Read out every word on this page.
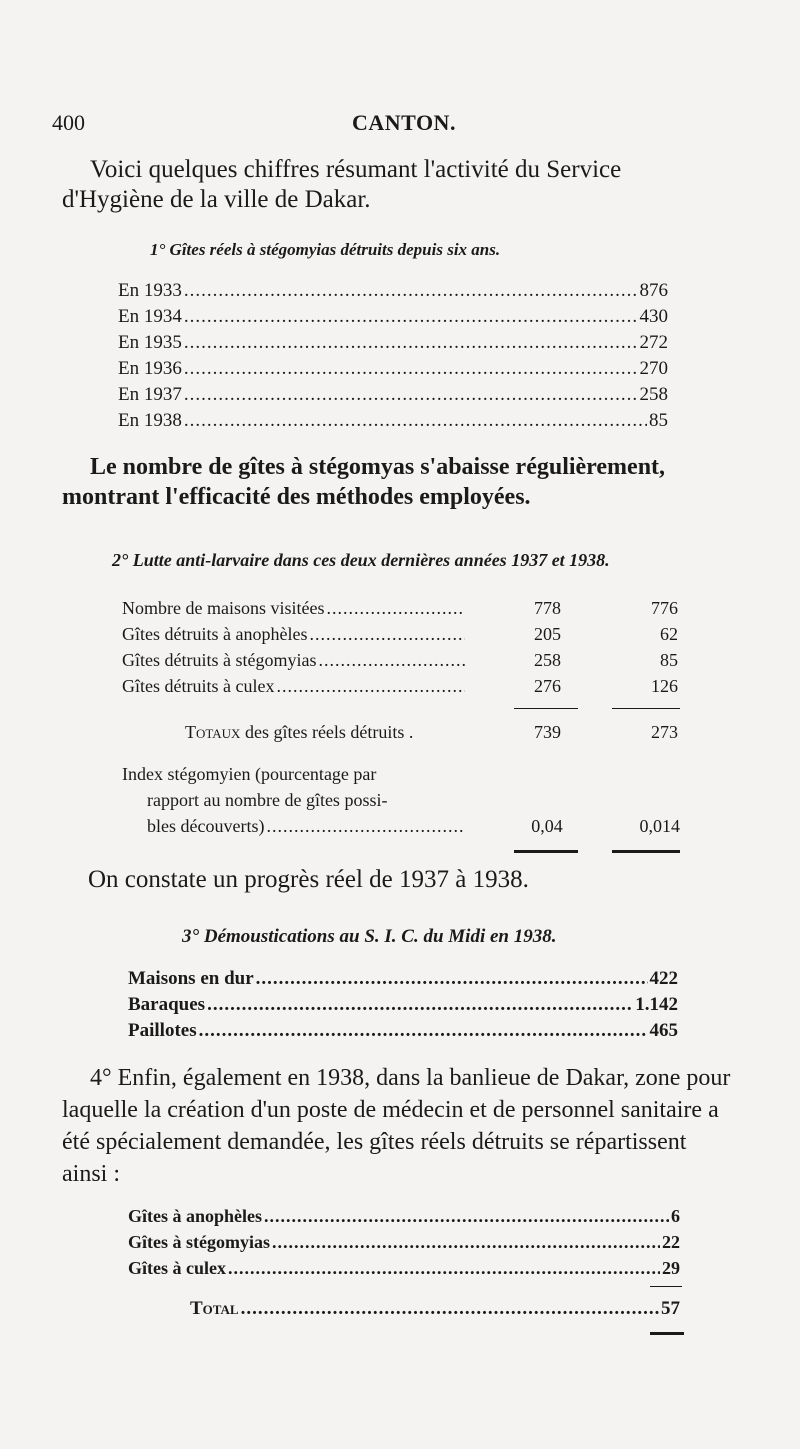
400	CANTON.
Voici quelques chiffres résumant l'activité du Service d'Hygiène de la ville de Dakar.
1° Gîtes réels à stégomyias détruits depuis six ans.
En 1933 .....	876
En 1934 .....	430
En 1935 .....	272
En 1936 .....	270
En 1937 .....	258
En 1938 .....	85
Le nombre de gîtes à stégomyas s'abaisse régulièrement, montrant l'efficacité des méthodes employées.
2° Lutte anti-larvaire dans ces deux dernières années 1937 et 1938.
Nombre de maisons visitées .....	778	776
Gîtes détruits à anophèles .....	205	62
Gîtes détruits à stégomyias .....	258	85
Gîtes détruits à culex .....	276	126
Totaux des gîtes réels détruits .	739	273
Index stégomyien (pourcentage par
rapport au nombre de gîtes possi-
bles découverts) .....	0,04	0,014
On constate un progrès réel de 1937 à 1938.
3° Démoustications au S. I. C. du Midi en 1938.
Maisons en dur .....	422
Baraques .....	1.142
Paillotes .....	465
4° Enfin, également en 1938, dans la banlieue de Dakar, zone pour laquelle la création d'un poste de médecin et de personnel sanitaire a été spécialement demandée, les gîtes réels détruits se répartissent ainsi :
Gîtes à anophèles .....	6
Gîtes à stégomyias .....	22
Gîtes à culex .....	29
Total .....	57
